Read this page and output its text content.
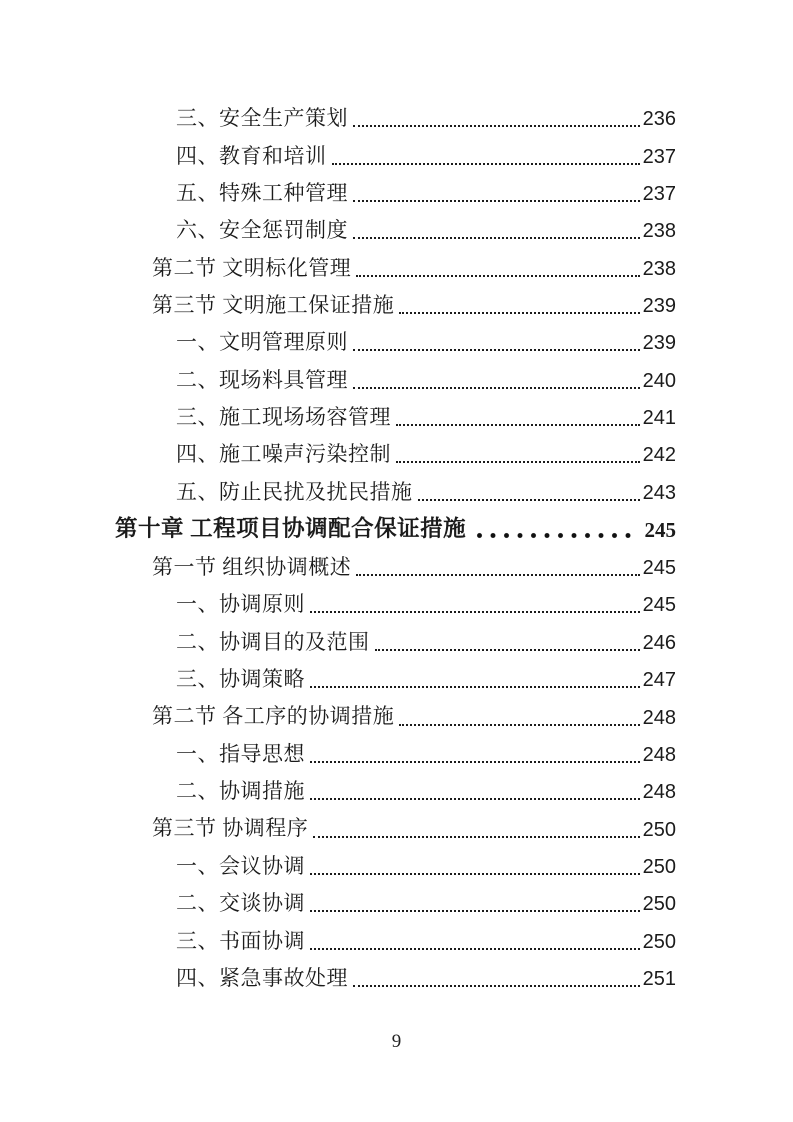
三、安全生产策划	236
四、教育和培训	237
五、特殊工种管理	237
六、安全惩罚制度	238
第二节 文明标化管理	238
第三节 文明施工保证措施	239
一、文明管理原则	239
二、现场料具管理	240
三、施工现场场容管理	241
四、施工噪声污染控制	242
五、防止民扰及扰民措施	243
第十章 工程项目协调配合保证措施	245
第一节 组织协调概述	245
一、协调原则	245
二、协调目的及范围	246
三、协调策略	247
第二节 各工序的协调措施	248
一、指导思想	248
二、协调措施	248
第三节 协调程序	250
一、会议协调	250
二、交谈协调	250
三、书面协调	250
四、紧急事故处理	251
9
